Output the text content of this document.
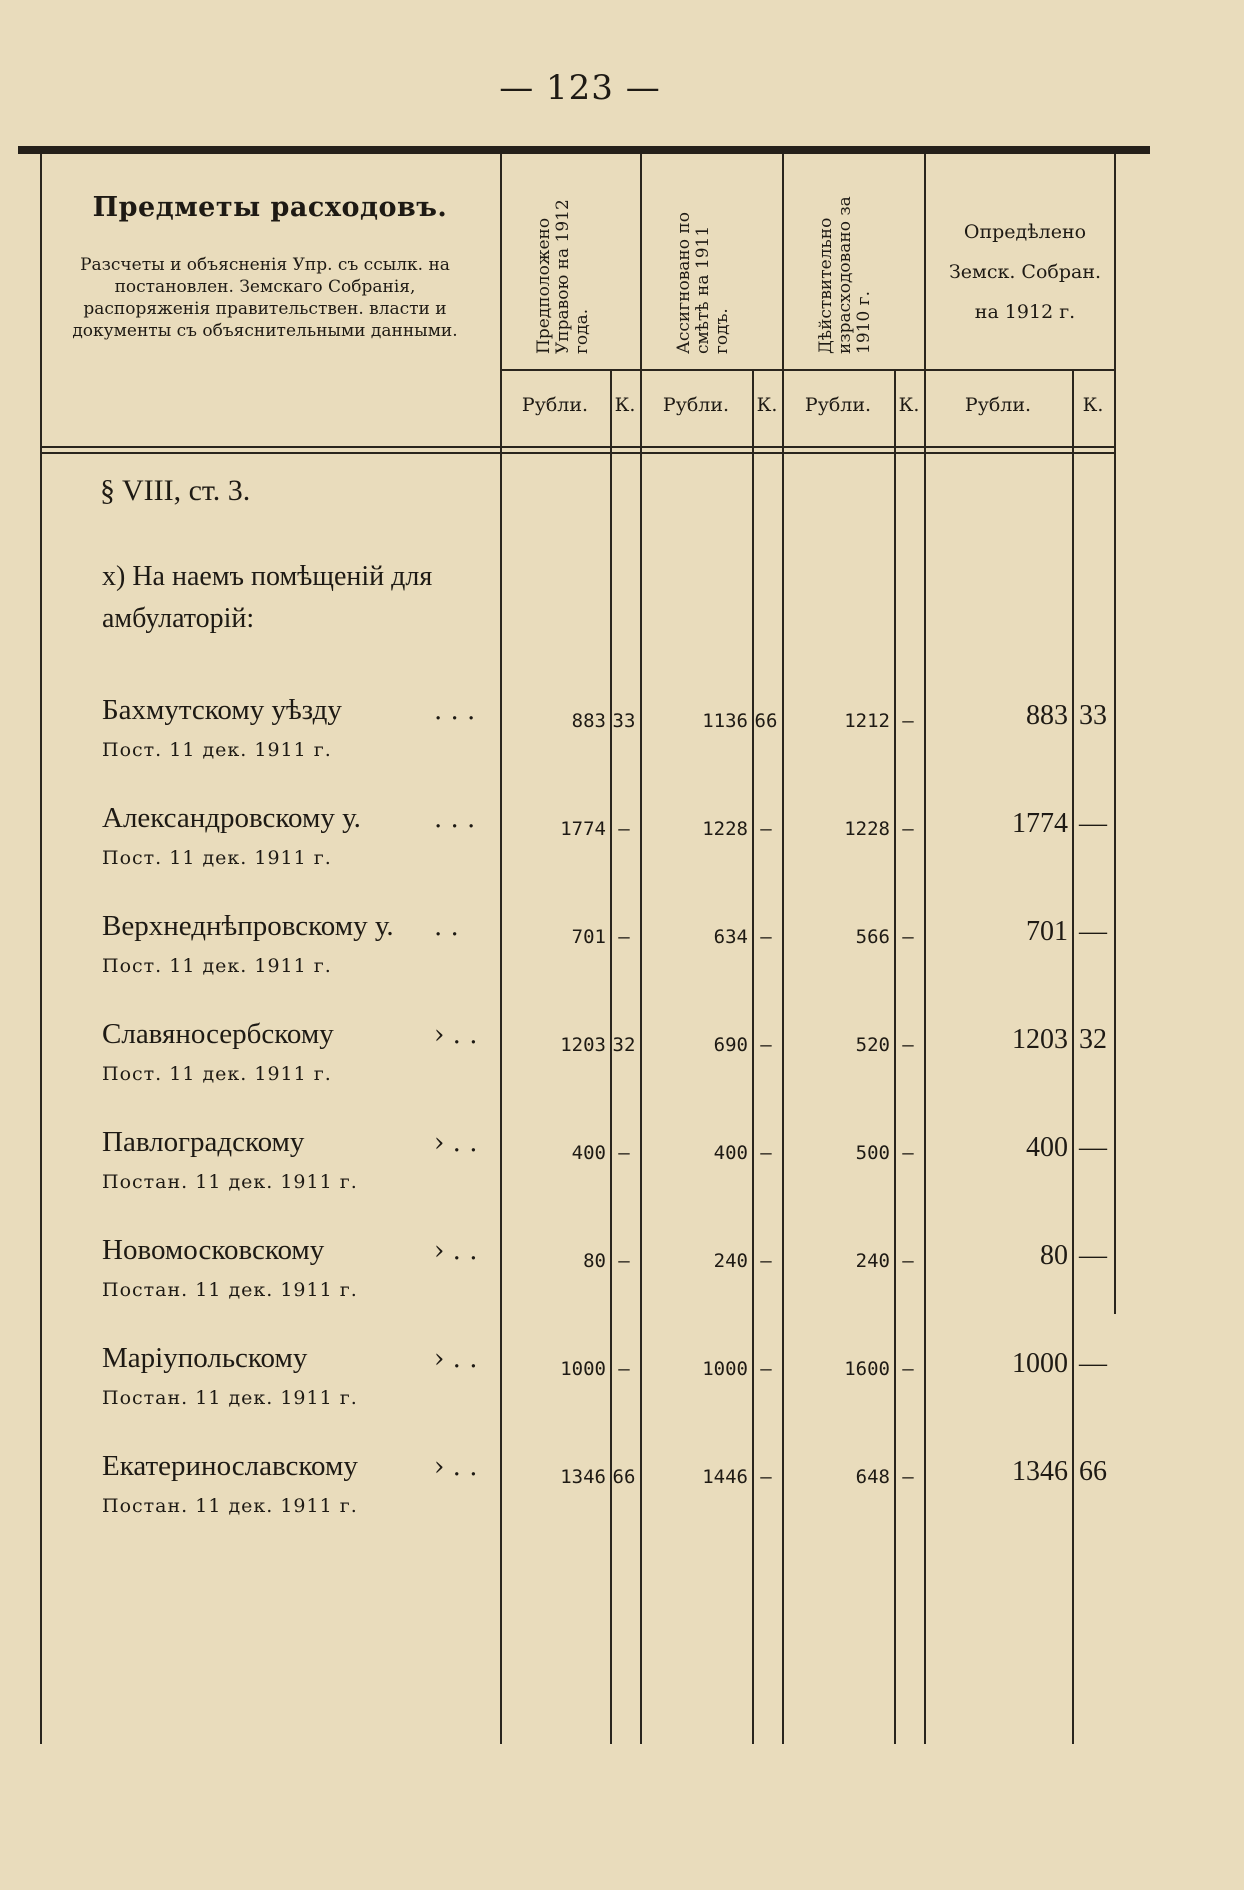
— 123 —
Предметы расходовъ.
Разсчеты и объясненія Упр. съ ссылк. на постановлен. Земскаго Собранія, распоряженія правительствен. власти и документы съ объяснительными данными.	Предположено Управою на 1912 года.	Ассигновано по смѣтѣ на 1911 годъ.	Дѣйствительно израсходовано за 1910 г.
Опредѣлено Земск. Собран. на 1912 г.
Рубли.	К.	Рубли.	К.	Рубли.	К.	Рубли.	К.
§ VIII, ст. 3.
x) На наемъ помѣщеній для амбулаторій:
Бахмутскому уѣзду	. . .
Пост. 11 дек. 1911 г.
883 33	1136 66	1212 —	883 33
Александровскому у.	. . .
Пост. 11 дек. 1911 г.
1774 —	1228 —	1228 —	1774 —
Верхнеднѣпровскому у. . .
Пост. 11 дек. 1911 г.
701 —	634 —	566 —	701 —
Славяносербскому	› . .
Пост. 11 дек. 1911 г.
1203 32	690 —	520 —	1203 32
Павлоградскому	› . .
Постан. 11 дек. 1911 г.
400 —	400 —	500 —	400 —
Новомосковскому	› . .
Постан. 11 дек. 1911 г.
80 —	240 —	240 —	80 —
Маріупольскому	› . .
Постан. 11 дек. 1911 г.
1000 —	1000 —	1600 —	1000 —
Екатеринославскому	› . .
Постан. 11 дек. 1911 г.
1346 66	1446 —	648 —	1346 66
